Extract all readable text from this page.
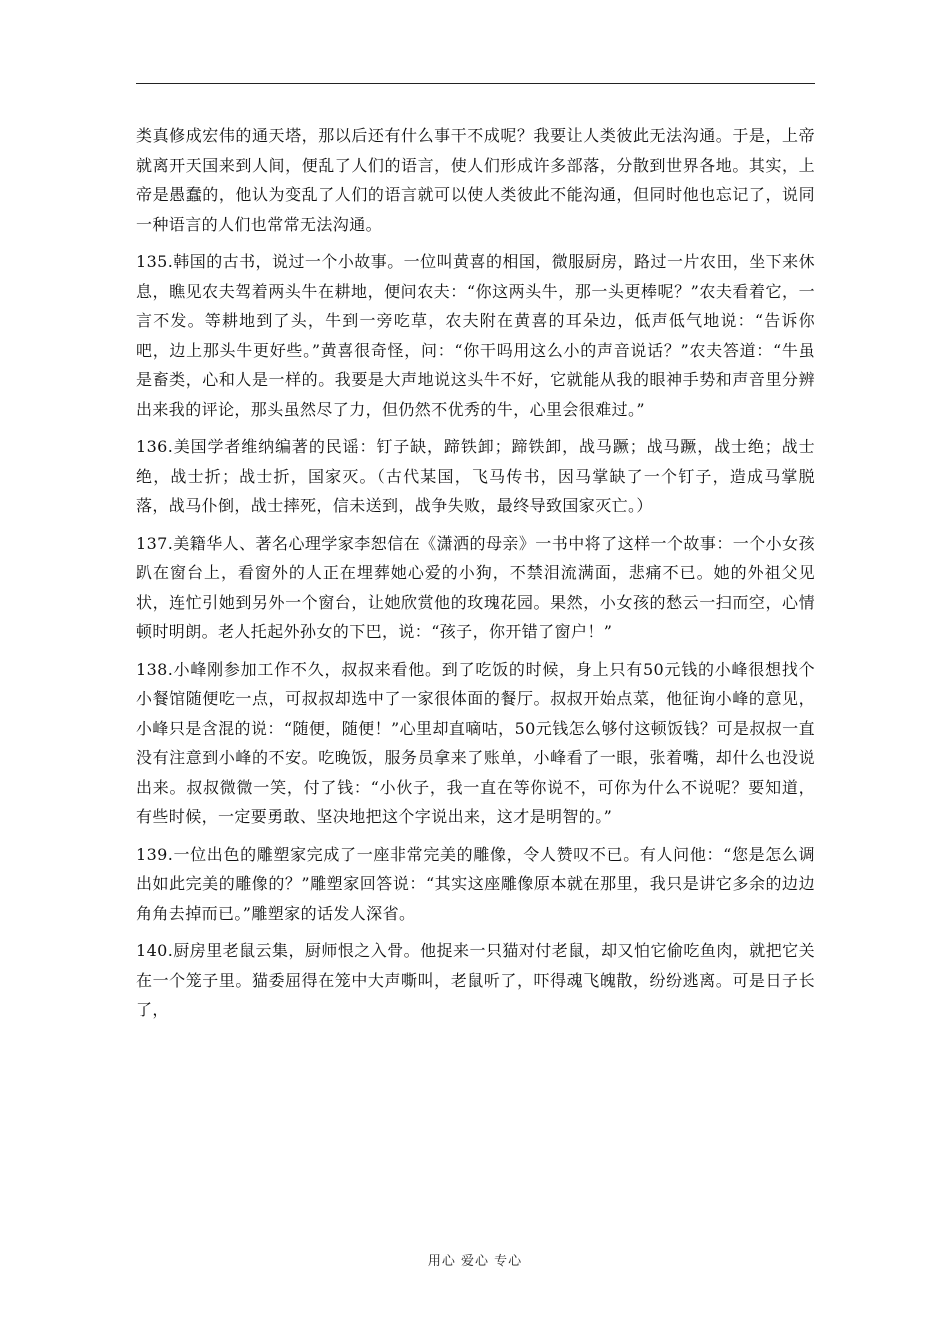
类真修成宏伟的通天塔，那以后还有什么事干不成呢？我要让人类彼此无法沟通。于是，上帝就离开天国来到人间，便乱了人们的语言，使人们形成许多部落，分散到世界各地。其实，上帝是愚蠢的，他认为变乱了人们的语言就可以使人类彼此不能沟通，但同时他也忘记了，说同一种语言的人们也常常无法沟通。

135.韩国的古书，说过一个小故事。一位叫黄喜的相国，微服厨房，路过一片农田，坐下来休息，瞧见农夫驾着两头牛在耕地，便问农夫：“你这两头牛，那一头更棒呢？”农夫看着它，一言不发。等耕地到了头，牛到一旁吃草，农夫附在黄喜的耳朵边，低声低气地说：“告诉你吧，边上那头牛更好些。”黄喜很奇怪，问：“你干吗用这么小的声音说话？”农夫答道：“牛虽是畜类，心和人是一样的。我要是大声地说这头牛不好，它就能从我的眼神手势和声音里分辨出来我的评论，那头虽然尽了力，但仍然不优秀的牛，心里会很难过。”

136.美国学者维纳编著的民谣：钉子缺，蹄铁卸；蹄铁卸，战马蹶；战马蹶，战士绝；战士绝，战士折；战士折，国家灭。（古代某国，飞马传书，因马掌缺了一个钉子，造成马掌脱落，战马仆倒，战士摔死，信未送到，战争失败，最终导致国家灭亡。）

137.美籍华人、著名心理学家李恕信在《潇洒的母亲》一书中将了这样一个故事：一个小女孩趴在窗台上，看窗外的人正在埋葬她心爱的小狗，不禁泪流满面，悲痛不已。她的外祖父见状，连忙引她到另外一个窗台，让她欣赏他的玫瑰花园。果然，小女孩的愁云一扫而空，心情顿时明朗。老人托起外孙女的下巴，说：“孩子，你开错了窗户！”

138.小峰刚参加工作不久，叔叔来看他。到了吃饭的时候，身上只有50元钱的小峰很想找个小餐馆随便吃一点，可叔叔却选中了一家很体面的餐厅。叔叔开始点菜，他征询小峰的意见，小峰只是含混的说：“随便，随便！”心里却直嘀咕，50元钱怎么够付这顿饭钱？可是叔叔一直没有注意到小峰的不安。吃晚饭，服务员拿来了账单，小峰看了一眼，张着嘴，却什么也没说出来。叔叔微微一笑，付了钱：“小伙子，我一直在等你说不，可你为什么不说呢？要知道，有些时候，一定要勇敢、坚决地把这个字说出来，这才是明智的。”

139.一位出色的雕塑家完成了一座非常完美的雕像，令人赞叹不已。有人问他：“您是怎么调出如此完美的雕像的？”雕塑家回答说：“其实这座雕像原本就在那里，我只是讲它多余的边边角角去掉而已。”雕塑家的话发人深省。

140.厨房里老鼠云集，厨师恨之入骨。他捉来一只猫对付老鼠，却又怕它偷吃鱼肉，就把它关在一个笼子里。猫委屈得在笼中大声嘶叫，老鼠听了，吓得魂飞魄散，纷纷逃离。可是日子长了，

用心 爱心 专心
